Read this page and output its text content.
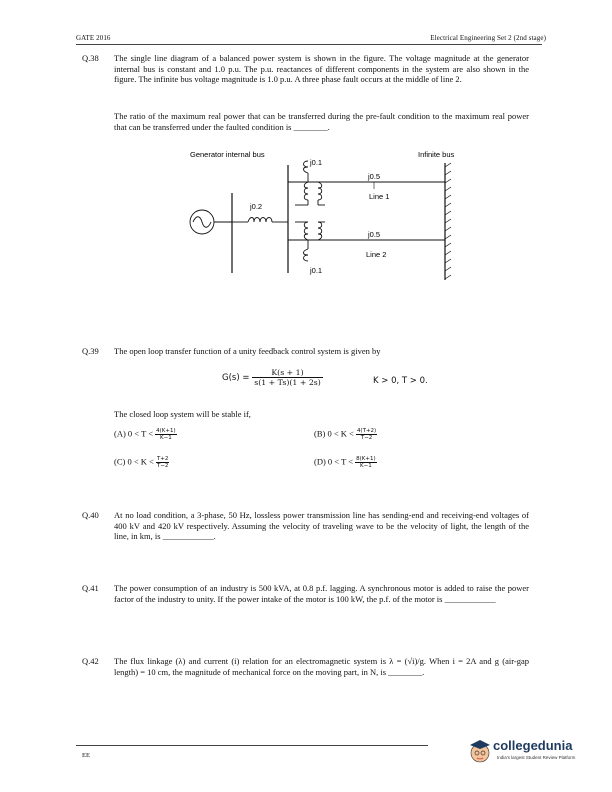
GATE 2016	Electrical Engineering Set 2 (2nd stage)
Q.38 The single line diagram of a balanced power system is shown in the figure. The voltage magnitude at the generator internal bus is constant and 1.0 p.u. The p.u. reactances of different components in the system are also shown in the figure. The infinite bus voltage magnitude is 1.0 p.u. A three phase fault occurs at the middle of line 2.
The ratio of the maximum real power that can be transferred during the pre-fault condition to the maximum real power that can be transferred under the faulted condition is ________.
Generator internal bus	Infinite bus
j0.2
j0.1
j0.5
Line 1
j0.5
Line 2
j0.1
Q.39 The open loop transfer function of a unity feedback control system is given by
$G(s) = \frac{K(s + 1)}{s(1 + Ts)(1 + 2s)}$	K > 0, T > 0.
The closed loop system will be stable if,
(A) $0 < T < \frac{4(K+1)}{K-1}$	(B) $0 < K < \frac{4(T+2)}{T-2}$
(C) $0 < K < \frac{T+2}{T-2}$	(D) $0 < T < \frac{8(K+1)}{K-1}$
Q.40 At no load condition, a 3-phase, 50 Hz, lossless power transmission line has sending-end and receiving-end voltages of 400 kV and 420 kV respectively. Assuming the velocity of traveling wave to be the velocity of light, the length of the line, in km, is ____________.
Q.41 The power consumption of an industry is 500 kVA, at 0.8 p.f. lagging. A synchronous motor is added to raise the power factor of the industry to unity. If the power intake of the motor is 100 kW, the p.f. of the motor is ____________
Q.42 The flux linkage (λ) and current (i) relation for an electromagnetic system is λ = (√i)/g. When i = 2A and g (air-gap length) = 10 cm, the magnitude of mechanical force on the moving part, in N, is ________.
EE
collegedunia
India's largest Student Review Platform
